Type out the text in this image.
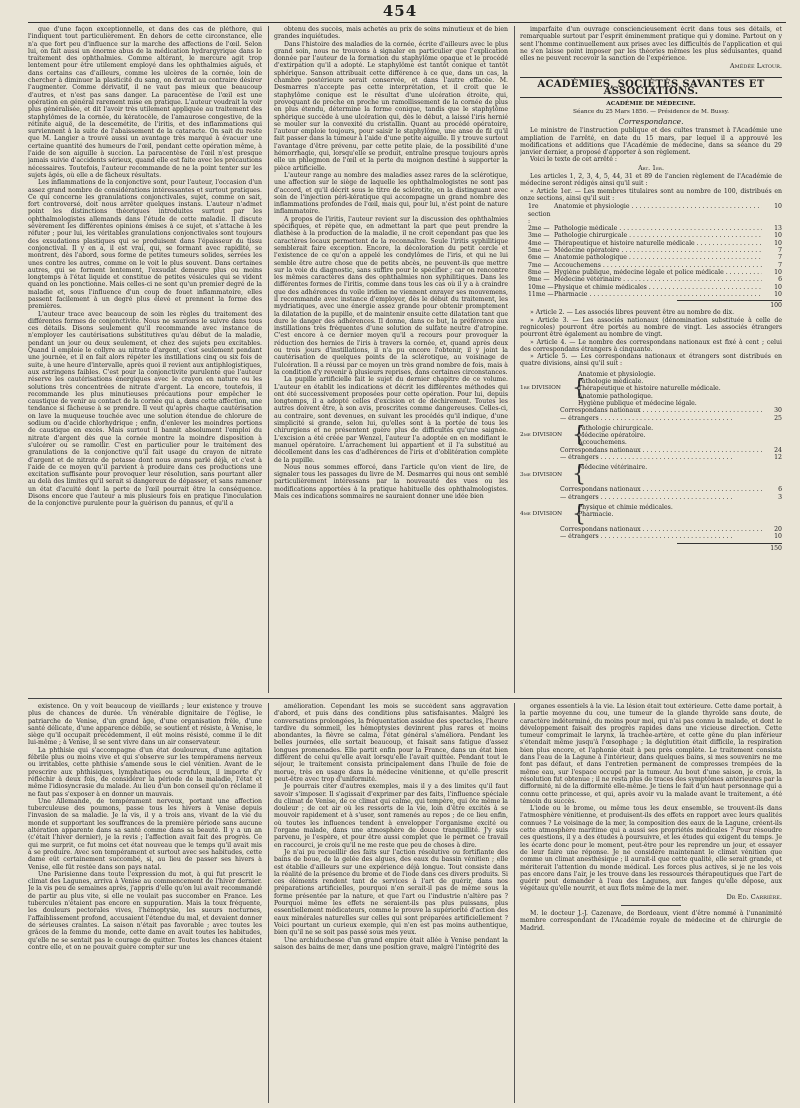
454

que d'une façon exceptionnelle, et dans des cas de pléthore, qui l'indiquent tout particulièrement. En dehors de cette circonstance, elle n'a que fort peu d'influence sur la marche des affections de l'œil. Selon lui, on fait aussi un énorme abus de la médication hydrargyrique dans le traitement des ophthalmies. Comme altérant, le mercure agit trop lentement pour être utilement employé dans les ophthalmies aiguës, et dans certains cas d'ailleurs, comme les ulcères de la cornée, loin de chercher à diminuer la plasticité du sang, on devrait au contraire désirer l'augmenter. Comme dérivatif, il ne vaut pas mieux que beaucoup d'autres, et n'est pas sans danger. La paracentèse de l'œil est une opération en général rarement mise en pratique. L'auteur voudrait la voir plus généralisée, et dit l'avoir très utilement appliquée au traitement des staphylômes de la cornée, du kératocèle, de l'amaurose congestive, de la rétinite aiguë, de la descemétite, de l'iritis, et des inflammations qui surviennent à la suite de l'abaissement de la cataracte. On sait du reste que M. Langier a trouvé aussi un avantage très marqué à évacuer une certaine quantité des humeurs de l'œil, pendant cette opération même, à l'aide de son aiguille à succion. La paracentèse de l'œil n'est presque jamais suivie d'accidents sérieux, quand elle est faite avec les précautions nécessaires. Toutefois, l'auteur recommande de ne la point tenter sur les sujets âgés, où elle a de fâcheux résultats.

Les inflammations de la conjonctive sont, pour l'auteur, l'occasion d'un assez grand nombre de considérations intéressantes et surtout pratiques. Ce qui concerne les granulations conjonctivales, sujet, comme on sait, fort controversé, doit nous arrêter quelques instans. L'auteur n'admet point les distinctions théoriques introduites surtout par les ophthalmologistes allemands dans l'étude de cette maladie. Il discute sévèrement les différentes opinions émises à ce sujet, et s'attache à les réfuter ; pour lui, les véritables granulations conjonctivales sont toujours des exsudations plastiques qui se produisent dans l'épaisseur du tissu conjonctival. Il y en a, il est vrai, qui, se formant avec rapidité, se montrent, dès l'abord, sous forme de petites tumeurs solides, serrées les unes contre les autres, comme on le voit le plus souvent. Dans certaines autres, qui se forment lentement, l'exsudat demeure plus ou moins longtemps à l'état liquide et constitue de petites vésicules qui se vident quand on les ponctionne. Mais celles-ci ne sont qu'un premier degré de la maladie et, sous l'influence d'un coup de fouet inflammatoire, elles passent facilement à un degré plus élevé et prennent la forme des premières.

L'auteur trace avec beaucoup de soin les règles du traitement des différentes formes de conjonctivite. Nous ne saurions le suivre dans tous ces détails. Disons seulement qu'il recommande avec instance de n'employer les cautérisations substitutives qu'au début de la maladie, pendant un jour ou deux seulement, et chez des sujets peu excitables. Quand il emploie le collyre au nitrate d'argent, c'est seulement pendant une journée, et il en fait alors répéter les instillations cinq ou six fois de suite, à une heure d'intervalle, après quoi il revient aux antiphlogistiques, aux astringens faibles. C'est pour la conjonctivite purulente que l'auteur réserve les cautérisations énergiques avec le crayon en nature ou les solutions très concentrées de nitrate d'argent. La encore, toutefois, il recommande les plus minutieuses précautions pour empêcher le caustique de venir au contact de la cornée qui a, dans cette affection, une tendance si fâcheuse à se prendre. Il veut qu'après chaque cautérisation on lave la muqueuse touchée avec une solution étendue de chlorure de sodium ou d'acide chlorhydrique ; enfin, d'enlever les moindres portions de caustique en excès. Mais surtout il bannit absolument l'emploi du nitrate d'argent dès que la cornée montre la moindre disposition à s'ulcérer ou se ramollir. C'est en particulier pour le traitement des granulations de la conjonctive qu'il fait usage du crayon de nitrate d'argent et de nitrate de potasse dont nous avons parlé déjà, et c'est à l'aide de ce moyen qu'il parvient à produire dans ces productions une excitation suffisante pour provoquer leur résolution, sans pourtant aller au delà des limites qu'il serait si dangereux de dépasser, et sans ramener un état d'acuité dont la perte de l'œil pourrait être la conséquence. Disons encore que l'auteur a mis plusieurs fois en pratique l'inoculation de la conjonctive purulente pour la guérison du pannus, et qu'il a

obtenu des succès, mais achetés au prix de soins minutieux et de bien grandes inquiétudes.

Dans l'histoire des maladies de la cornée, écrite d'ailleurs avec le plus grand soin, nous ne trouvons à signaler en particulier que l'explication donnée par l'auteur de la formation du staphylôme opaque et le procédé d'extirpation qu'il a adopté. Le staphylôme est tantôt conique et tantôt sphérique. Sanson attribuait cette différence à ce que, dans un cas, la chambre postérieure serait conservée, et dans l'autre effacée. M. Desmarres n'accepte pas cette interprétation, et il croit que le staphylôme conique est le résultat d'une ulcération étroite, qui, provoquant de proche en proche un ramollissement de la cornée de plus en plus étendu, détermine la forme conique, tandis que le staphylôme sphérique succède à une ulcération qui, dès le début, a laissé l'iris hernié se mouler sur la convexité du cristallin. Quant au procédé opératoire, l'auteur emploie toujours, pour saisir le staphylôme, une anse de fil qu'il fait passer dans la tumeur à l'aide d'une petite aiguille. Il y trouve surtout l'avantage d'être prévenu, par cette petite plaie, de la possibilité d'une hémorrhagie, qui, lorsqu'elle se produit, entraîne presque toujours après elle un phlegmon de l'œil et la perte du moignon destiné à supporter la pièce artificielle.

L'auteur range au nombre des maladies assez rares de la sclérotique, une affection sur le siège de laquelle les ophthalmologistes ne sont pas d'accord, et qu'il décrit sous le titre de sclérotite, en la distinguant avec soin de l'injection péri-kératique qui accompagne un grand nombre des inflammations profondes de l'œil, mais qui, pour lui, n'est point de nature inflammatoire.

A propos de l'iritis, l'auteur revient sur la discussion des ophthalmies spécifiques, et répète que, en admettant la part que peut prendre la diathèse à la production de la maladie, il ne croit cependant pas que les caractères locaux permettent de la reconnaître. Seule l'iritis syphilitique semblerait faire exception. Encore, la décoloration du petit cercle et l'existence de ce qu'on a appelé les condylômes de l'iris, et qui ne lui semble être autre chose que de petits abcès, ne peuvent-ils que mettre sur la voie du diagnostic, sans suffire pour le spécifier ; car on rencontre les mêmes caractères dans des ophthalmies non syphilitiques. Dans les différentes formes de l'iritis, comme dans tous les cas où il y a à craindre que des adhérences du voile iridien ne viennent enrayer ses mouvemens, il recommande avec instance d'employer, dès le début du traitement, les mydriatiques, avec une énergie assez grande pour obtenir promptement la dilatation de la pupille, et de maintenir ensuite cette dilatation tant que dure le danger des adhérences. Il donne, dans ce but, la préférence aux instillations très fréquentes d'une solution de sulfate neutre d'atropine. C'est encore à ce dernier moyen qu'il a recours pour provoquer la réduction des hernies de l'iris à travers la cornée, et, quand après deux ou trois jours d'instillations, il n'a pu encore l'obtenir, il y joint la cautérisation de quelques points de la sclérotique, au voisinage de l'ulcération. Il a réussi par ce moyen un très grand nombre de fois, mais à la condition d'y revenir à plusieurs reprises, dans certaines circonstances.

La pupille artificielle fait le sujet du dernier chapitre de ce volume. L'auteur en établit les indications et décrit les différentes méthodes qui ont été successivement proposées pour cette opération. Pour lui, depuis longtemps, il a adopté celles d'excision et de déchirement. Toutes les autres doivent être, à son avis, proscrites comme dangereuses. Celles-ci, au contraire, sont devenues, en suivant les procédés qu'il indique, d'une simplicité si grande, selon lui, qu'elles sont à la portée de tous les chirurgiens et ne présentent guère plus de difficultés qu'une saignée. L'excision a été créée par Wenzel, l'auteur l'a adoptée en en modifiant le manuel opératoire. L'arrachement lui appartient et il l'a substitué au décollement dans les cas d'adhérences de l'iris et d'oblitération complète de la pupille.

Nous nous sommes efforcé, dans l'article qu'on vient de lire, de signaler tous les passages du livre de M. Desmarres qui nous ont semblé particulièrement intéressans par la nouveauté des vues ou les modifications apportées à la pratique habituelle des ophthalmologistes. Mais ces indications sommaires ne sauraient donner une idée bien

imparfaite d'un ouvrage consciencieusement écrit dans tous ses détails, et remarquable surtout par l'esprit éminemment pratique qui y domine. Partout on y sent l'homme continuellement aux prises avec les difficultés de l'application et qui ne s'en laisse point imposer par les théories mêmes les plus séduisantes, quand elles ne peuvent recevoir la sanction de l'expérience.

Amédée Latour.
ACADÉMIES, SOCIÉTÉS SAVANTES ET ASSOCIATIONS.
ACADÉMIE DE MÉDECINE.
Séance du 25 Mars 1856. — Présidence de M. Bussy.
Correspondance.

Le ministre de l'instruction publique et des cultes transmet à l'Académie une ampliation de l'arrêté, en date du 15 mars, par lequel il a approuvé les modifications et additions que l'Académie de médecine, dans sa séance du 29 janvier dernier, a proposé d'apporter à son règlement.

Voici le texte de cet arrêté :

Art. 1er.

Les articles 1, 2, 3, 4, 5, 44, 31 et 89 de l'ancien règlement de l'Académie de médecine seront rédigés ainsi qu'il suit :

« Article 1er. — Les membres titulaires sont au nombre de 100, distribués en onze sections, ainsi qu'il suit :

1re section :
Anatomie et physiologie . . .	10
2me — Pathologie médicale . . .	13
3me — Pathologie chirurgicale . . .	10
4me — Thérapeutique et histoire naturelle médicale . . .	10
5me — Médecine opératoire . . .	7
6me — Anatomie pathologique . . .	7
7me — Accouchemens . . .	7
8me — Hygiène publique, médecine légale et police médicale . . .	10
9me — Médecine vétérinaire . . .	6
10me — Physique et chimie médicales . . .	10
11me — Pharmacie . . .	10
100

» Article 2. — Les associés libres peuvent être au nombre de dix.

» Article 3. — Les associés nationaux (dénomination substituée à celle de regnicoles) pourront être portés au nombre de vingt. Les associés étrangers pourront être également au nombre de vingt.

» Article 4. — Le nombre des correspondans nationaux est fixé à cent ; celui des correspondans étrangers à cinquante.

» Article 5. — Les correspondans nationaux et étrangers sont distribués en quatre divisions, ainsi qu'il suit :

1re DIVISION {
Anatomie et physiologie.
Pathologie médicale.
Thérapeutique et histoire naturelle médicale.
Anatomie pathologique.
Hygiène publique et médecine légale.
Correspondans nationaux . . .	30
— étrangers . . .	25
2me DIVISION {
Pathologie chirurgicale.
Médecine opératoire.
Accouchemens.
Correspondans nationaux . . .	24
— étrangers . . .	12
3me DIVISION {
Médecine vétérinaire.
Correspondans nationaux . . .	6
— étrangers . . .	3
4me DIVISION {
Physique et chimie médicales.
Pharmacie.
Correspondans nationaux . . .	20
— étrangers . . .	10
150

existence. On y voit beaucoup de vieillards ; leur existence y trouve plus de chances de durée. Un vénérable dignitaire de l'église, le patriarche de Venise, d'un grand âge, d'une organisation frêle, d'une santé délicate, d'une apparence débile, se soutient et résiste, à Venise, le siège qu'il occupait précédemment, il eût moins résisté, comme il le dit lui-même ; à Venise, il se sent vivre dans un air conservateur.

La phthisie qui s'accompagne d'un état douloureux, d'une agitation fébrile plus ou moins vive et qui s'observe sur les tempéramens nerveux ou irritables, cette phthisie s'amende sous le ciel vénitien. Avant de le prescrire aux phthisiques, lymphatiques ou scrofuleux, il importe d'y réfléchir à deux fois, de considérer la période de la maladie, l'état et même l'idiosyncrasie du malade. Au lieu d'un bon conseil qu'on réclame il ne faut pas s'exposer à en donner un mauvais.

Une Allemande, de tempérament nerveux, portant une affection tuberculeuse des poumons, passe tous les hivers à Venise depuis l'invasion de sa maladie. Je la vis, il y a trois ans, vivant de la vie du monde et supportant les souffrances de la première période sans aucune altération apparente dans sa santé comme dans sa beauté. Il y a un an (c'était l'hiver dernier), je la revis ; l'affection avait fait des progrès. Ce qui me surprit, ce fut moins cet état nouveau que le temps qu'il avait mis à se produire. Avec son tempérament et surtout avec ses habitudes, cette dame eût certainement succombé, si, au lieu de passer ses hivers à Venise, elle fût restée dans son pays natal.

Une Parisienne dans toute l'expression du mot, à qui fut prescrit le climat des Lagunes, arriva à Venise au commencement de l'hiver dernier. Je la vis peu de semaines après, j'appris d'elle qu'on lui avait recommandé de partir au plus vite, si elle ne voulait pas succomber en France. Les tubercules n'étaient pas encore en suppuration. Mais la toux fréquente, les douleurs pectorales vives, l'hémoptysie, les sueurs nocturnes, l'affaiblissement profond, accusaient l'étendue du mal, et devaient donner de sérieuses craintes. La saison n'était pas favorable ; avec toutes les grâces de la femme du monde, cette dame en avait toutes les habitudes, qu'elle ne se sentait pas le courage de quitter. Toutes les chances étaient contre elle, et on ne pouvait guère compter sur une

amélioration. Cependant les mois se succèdent sans aggravation d'abord, et puis dans des conditions plus satisfaisantes. Malgré les conversations prolongées, la fréquentation assidue des spectacles, l'heure tardive du sommeil, les hémoptysies devinrent plus rares et moins abondantes, la fièvre se calma, l'état général s'améliora. Pendant les belles journées, elle sortait beaucoup, et faisait sans fatigue d'assez longues promenades. Elle partit enfin pour la France, dans un état bien différent de celui qu'elle avait lorsqu'elle l'avait quittée. Pendant tout le séjour, le traitement consista principalement dans l'huile de foie de morue, très en usage dans la médecine vénitienne, et qu'elle prescrit peut-être avec trop d'uniformité.

Je pourrais citer d'autres exemples, mais il y a des limites qu'il faut savoir s'imposer. Il s'agissait d'exprimer par des faits, l'influence spéciale du climat de Venise, de ce climat qui calme, qui tempère, qui ôte même la douleur ; de cet air où les ressorts de la vie, loin d'être excités à se mouvoir rapidement et à s'user, sont ramenés au repos ; de ce lieu enfin, où toutes les influences tendent à envelopper l'organisme excité ou l'organe malade, dans une atmosphère de douce tranquillité. J'y suis parvenu, je l'espère, et pour être aussi complet que le permet ce travail en raccourci, je crois qu'il ne me reste que peu de choses à dire.

Je n'ai pu recueillir des faits sur l'action résolutive ou fortifiante des bains de boue, de la gelée des algues, des eaux du bassin vénitien ; elle est établie d'ailleurs sur une expérience déjà longue. Tout consiste dans la réalité de la présence du brome et de l'iode dans ces divers produits. Si ces éléments rendent tant de services à l'art de guérir, dans nos préparations artificielles, pourquoi n'en serait-il pas de même sous la forme présentée par la nature, et que l'art ou l'industrie n'altère pas ? Pourquoi même les effets ne seraient-ils pas plus puissans, plus essentiellement médicateurs, comme le prouve la supériorité d'action des eaux minérales naturelles sur celles qui sont préparées artificiellement ? Voici pourtant un curieux exemple, qui n'en est pas moins authentique, bien qu'il ne se soit pas passé sous mes yeux.

Une archiduchesse d'un grand empire était allée à Venise pendant la saison des bains de mer, dans une position grave, malgré l'intégrité des

organes essentiels à la vie. La lésion était tout extérieure. Cette dame portait, à la partie moyenne du cou, une tumeur de la glande thyroïde sans doute, de caractère indéterminé, du moins pour moi, qui n'ai pas connu la malade, et dont le développement faisait des progrès rapides dans une vicieuse direction. Cette tumeur comprimait le larynx, la trachée-artère, et cette gêne du plan inférieur s'étendait même jusqu'à l'œsophage ; la déglutition était difficile, la respiration bien plus encore, et l'aphonie était à peu près complète. Le traitement consista dans l'eau de la Lagune à l'intérieur, dans quelques bains, si mes souvenirs ne me font pas défaut, et dans l'entretien permanent de compresses trempées de la même eau, sur l'espace occupé par la tumeur. Au bout d'une saison, je crois, la résolution fut obtenue ; il ne resta plus de traces des symptômes antérieures par la difformité, ni de la difformité elle-même. Je tiens le fait d'un haut personnage qui a connu cette princesse, et qui, après avoir vu la malade avant le traitement, a été témoin du succès.

L'iode ou le brome, ou même tous les deux ensemble, se trouvent-ils dans l'atmosphère vénitienne, et produisent-ils des effets en rapport avec leurs qualités connues ? Le voisinage de la mer, la composition des eaux de la Lagune, créent-ils cette atmosphère maritime qui a aussi ses propriétés médicales ? Pour résoudre ces questions, il y a des études à poursuivre, et les études qui exigent du temps. Je les écarte donc pour le moment, peut-être pour les reprendre un jour, et essayer de leur faire une réponse. Je ne considère maintenant le climat vénitien que comme un climat anesthésique ; il aurait-il que cette qualité, elle serait grande, et mériterait l'attention du monde médical. Les forces plus actives, si je ne les vois pas encore dans l'air, je les trouve dans les ressources thérapeutiques que l'art de guérir peut demander à l'eau des Lagunes, aux fanges qu'elle dépose, aux végétaux qu'elle nourrit, et aux flots même de la mer.

Dr Ed. Carrière.

M. le docteur J.-J. Cazenave, de Bordeaux, vient d'être nommé à l'unanimité membre correspondant de l'Académie royale de médecine et de chirurgie de Madrid.
